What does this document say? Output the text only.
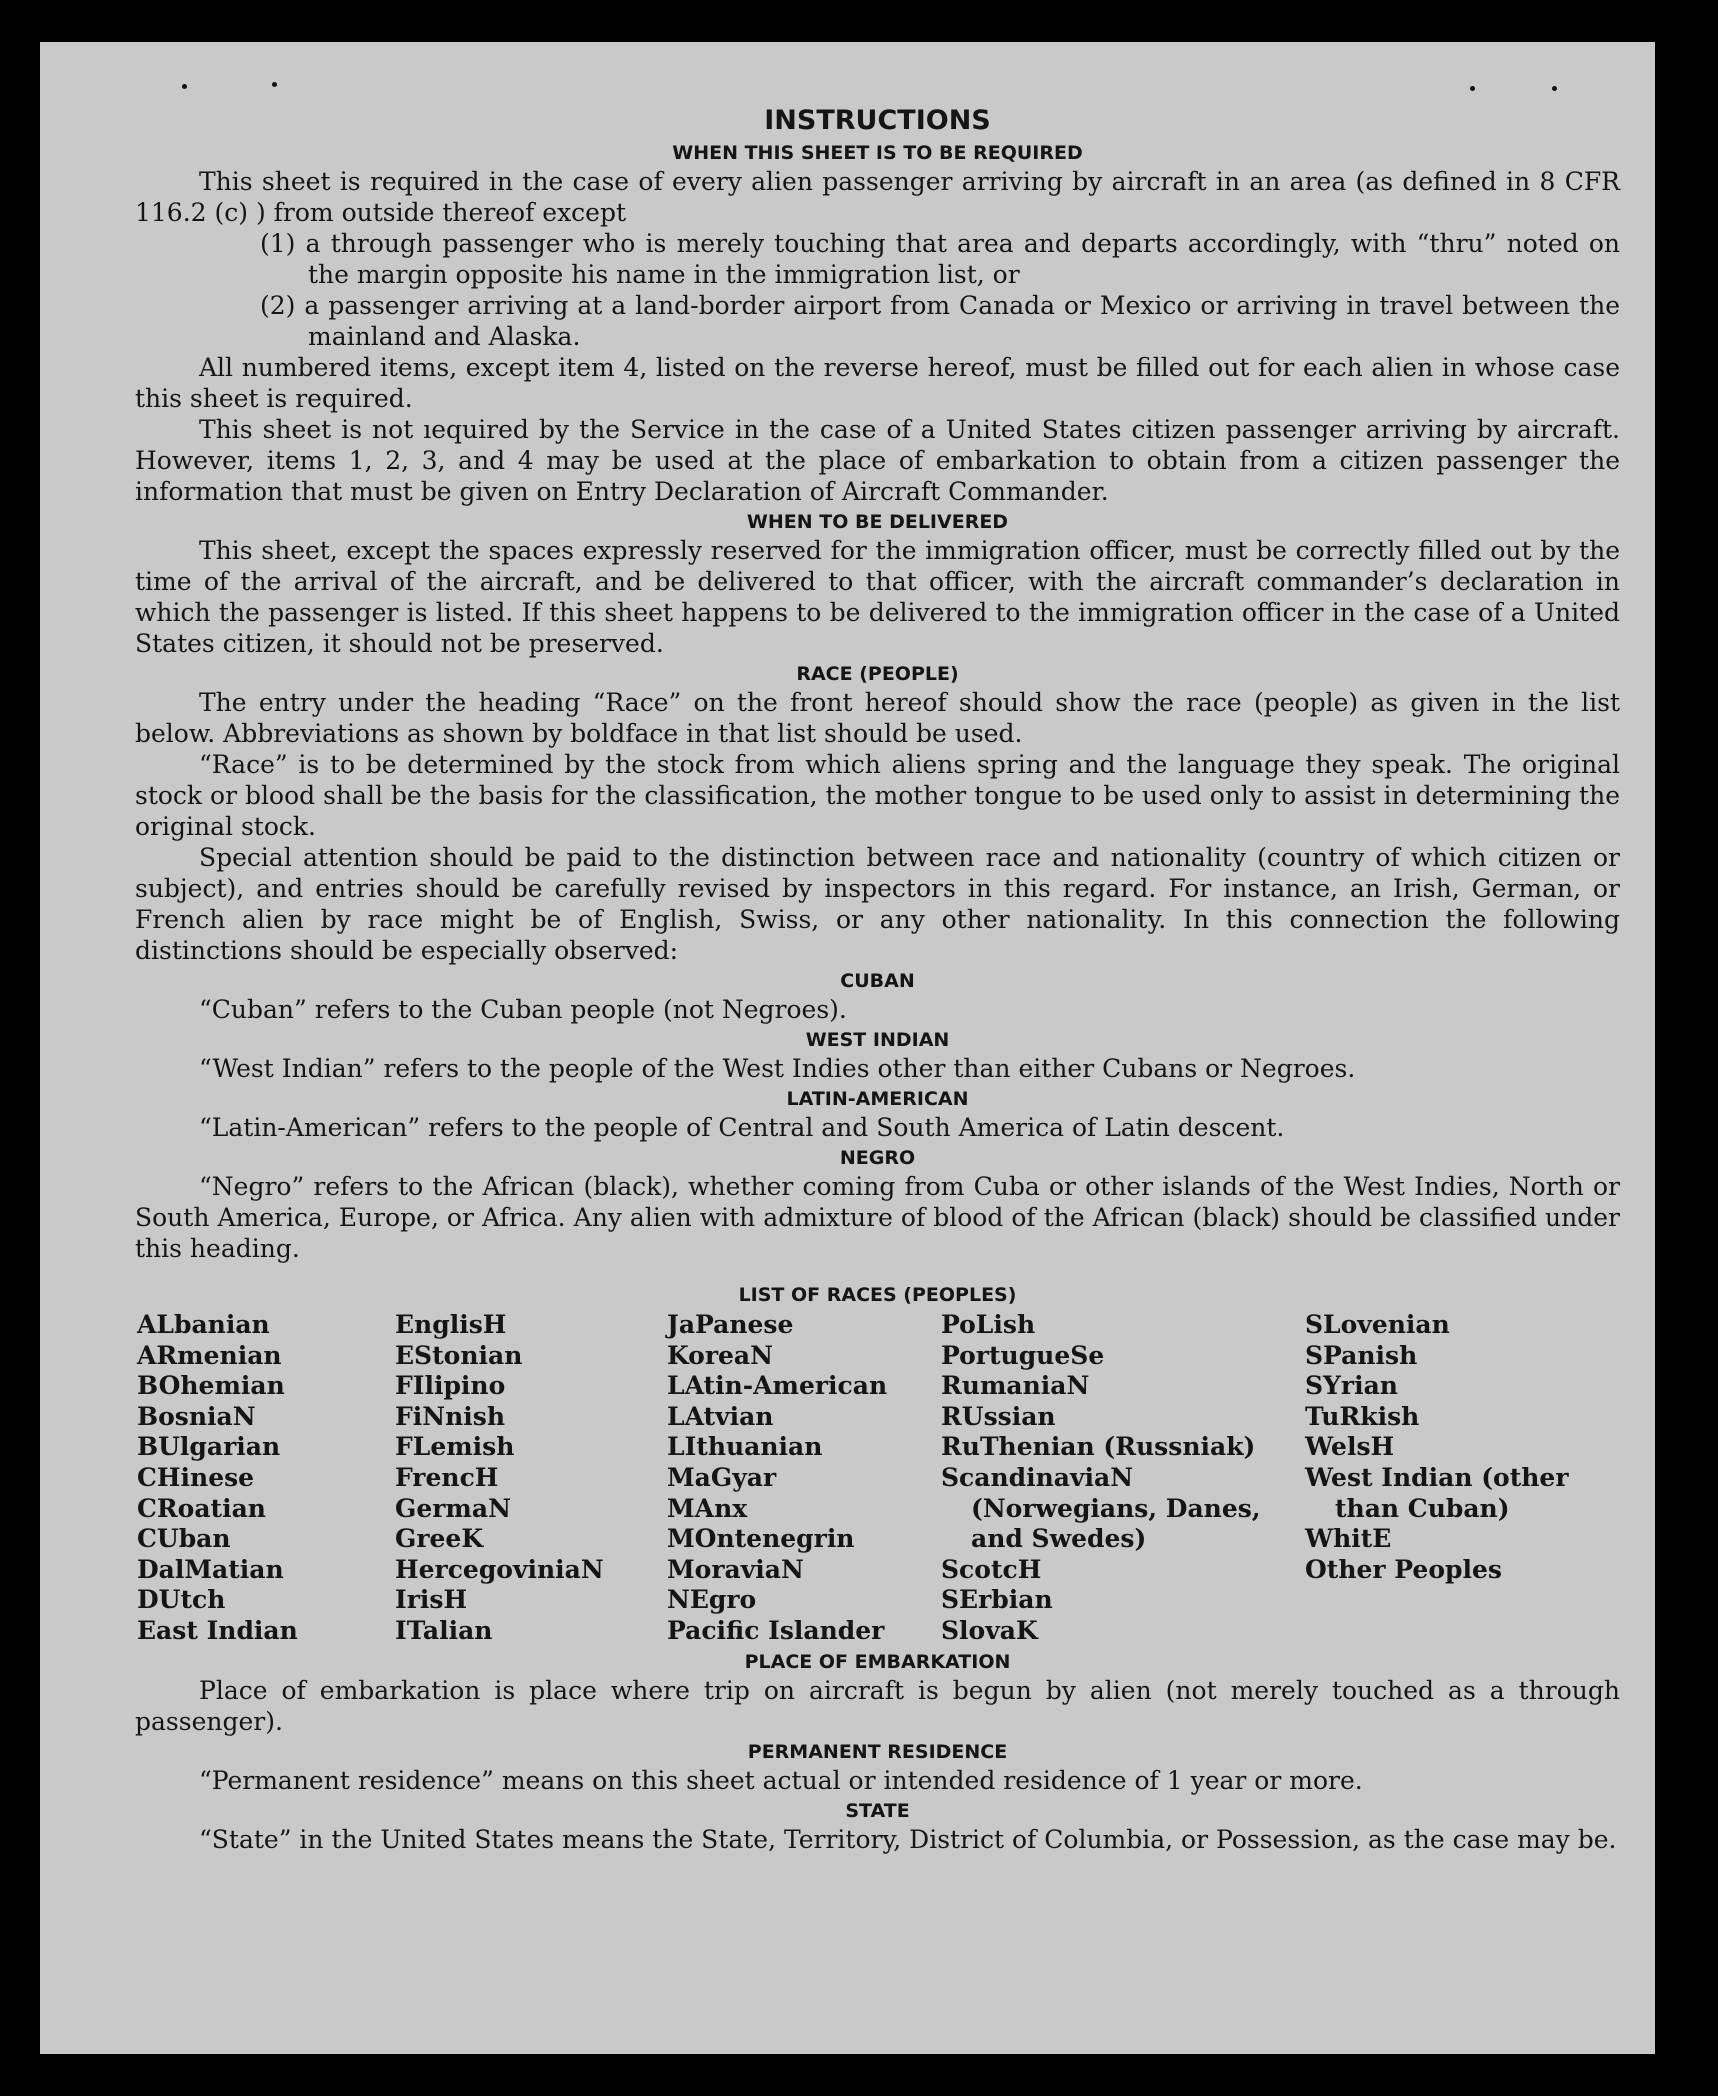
INSTRUCTIONS
WHEN THIS SHEET IS TO BE REQUIRED

This sheet is required in the case of every alien passenger arriving by aircraft in an area (as defined in 8 CFR 116.2 (c) ) from outside thereof except

(1) a through passenger who is merely touching that area and departs accordingly, with “thru” noted on the margin opposite his name in the immigration list, or
(2) a passenger arriving at a land-border airport from Canada or Mexico or arriving in travel between the mainland and Alaska.

All numbered items, except item 4, listed on the reverse hereof, must be filled out for each alien in whose case this sheet is required.

This sheet is not ıequired by the Service in the case of a United States citizen passenger arriving by aircraft. However, items 1, 2, 3, and 4 may be used at the place of embarkation to obtain from a citizen passenger the information that must be given on Entry Declaration of Aircraft Commander.

WHEN TO BE DELIVERED

This sheet, except the spaces expressly reserved for the immigration officer, must be correctly filled out by the time of the arrival of the aircraft, and be delivered to that officer, with the aircraft commander’s declaration in which the passenger is listed. If this sheet happens to be delivered to the immigration officer in the case of a United States citizen, it should not be preserved.

RACE (PEOPLE)

The entry under the heading “Race” on the front hereof should show the race (people) as given in the list below. Abbreviations as shown by boldface in that list should be used.

“Race” is to be determined by the stock from which aliens spring and the language they speak. The original stock or blood shall be the basis for the classification, the mother tongue to be used only to assist in determining the original stock.

Special attention should be paid to the distinction between race and nationality (country of which citizen or subject), and entries should be carefully revised by inspectors in this regard. For instance, an Irish, German, or French alien by race might be of English, Swiss, or any other nationality. In this connection the following distinctions should be especially observed:

CUBAN

“Cuban” refers to the Cuban people (not Negroes).

WEST INDIAN

“West Indian” refers to the people of the West Indies other than either Cubans or Negroes.

LATIN-AMERICAN

“Latin-American” refers to the people of Central and South America of Latin descent.

NEGRO

“Negro” refers to the African (black), whether coming from Cuba or other islands of the West Indies, North or South America, Europe, or Africa. Any alien with admixture of blood of the African (black) should be classified under this heading.

LIST OF RACES (PEOPLES)
ALbanian
ARmenian
BOhemian
BosniaN
BUlgarian
CHinese
CRoatian
CUban
DalMatian
DUtch
East Indian
EnglisH
EStonian
FIlipino
FiNnish
FLemish
FrencH
GermaN
GreeK
HercegoviniaN
IrisH
ITalian
JaPanese
KoreaN
LAtin-American
LAtvian
LIthuanian
MaGyar
MAnx
MOntenegrin
MoraviaN
NEgro
Pacific Islander
PoLish
PortugueSe
RumaniaN
RUssian
RuThenian (Russniak)
ScandinaviaN (Norwegians, Danes, and Swedes)
ScotcH
SErbian
SlovaK
SLovenian
SPanish
SYrian
TuRkish
WelsH
West Indian (other than Cuban)
WhitE
Other Peoples
PLACE OF EMBARKATION

Place of embarkation is place where trip on aircraft is begun by alien (not merely touched as a through passenger).

PERMANENT RESIDENCE

“Permanent residence” means on this sheet actual or intended residence of 1 year or more.

STATE

“State” in the United States means the State, Territory, District of Columbia, or Possession, as the case may be.
